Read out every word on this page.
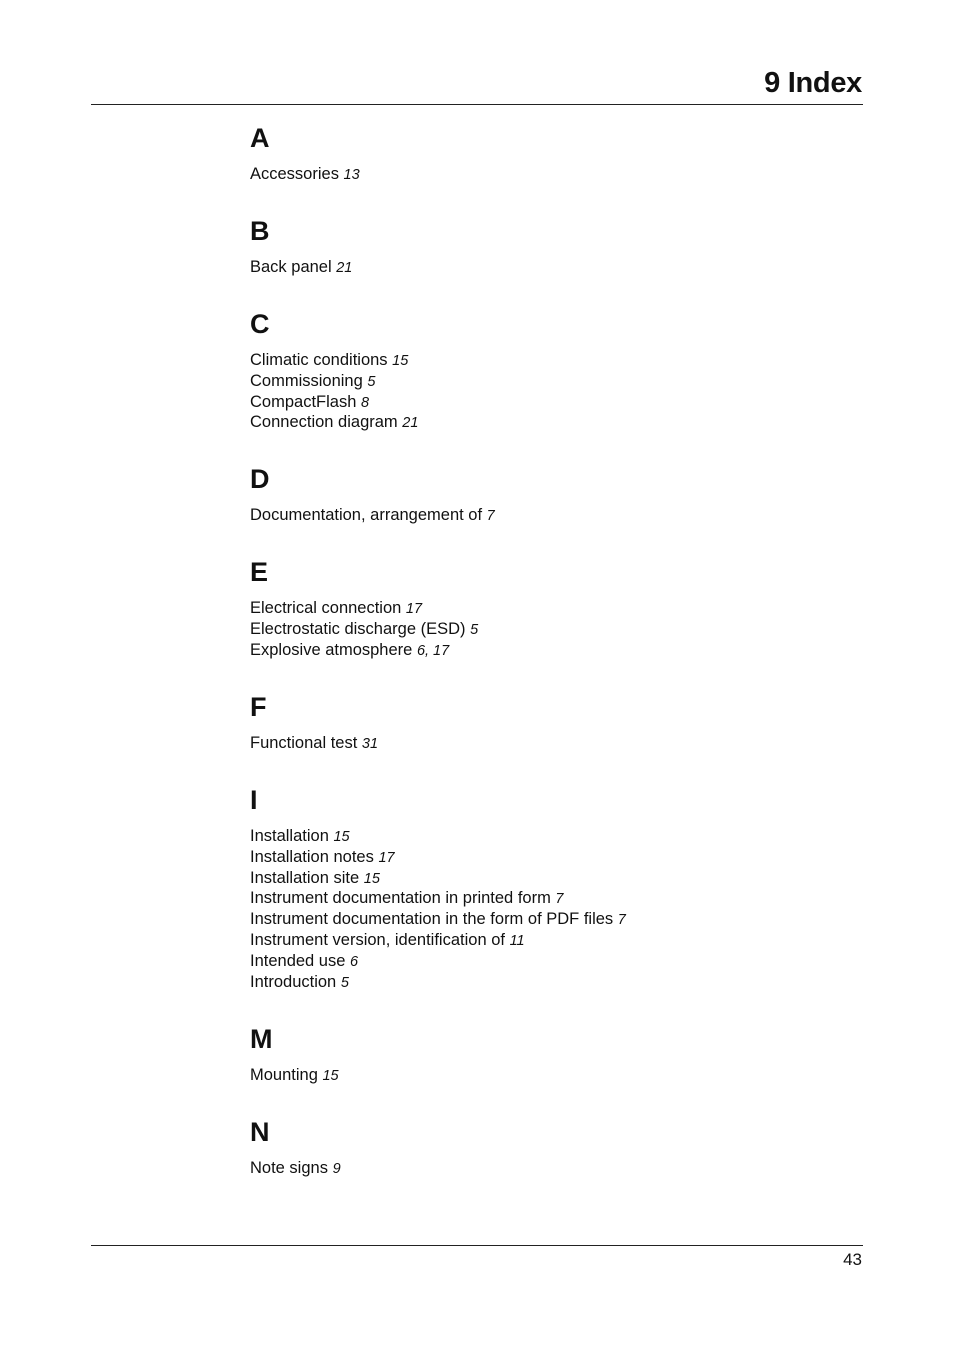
9 Index
A
Accessories 13
B
Back panel 21
C
Climatic conditions 15
Commissioning 5
CompactFlash 8
Connection diagram 21
D
Documentation, arrangement of 7
E
Electrical connection 17
Electrostatic discharge (ESD) 5
Explosive atmosphere 6, 17
F
Functional test 31
I
Installation 15
Installation notes 17
Installation site 15
Instrument documentation in printed form 7
Instrument documentation in the form of PDF files 7
Instrument version, identification of 11
Intended use 6
Introduction 5
M
Mounting 15
N
Note signs 9
43
